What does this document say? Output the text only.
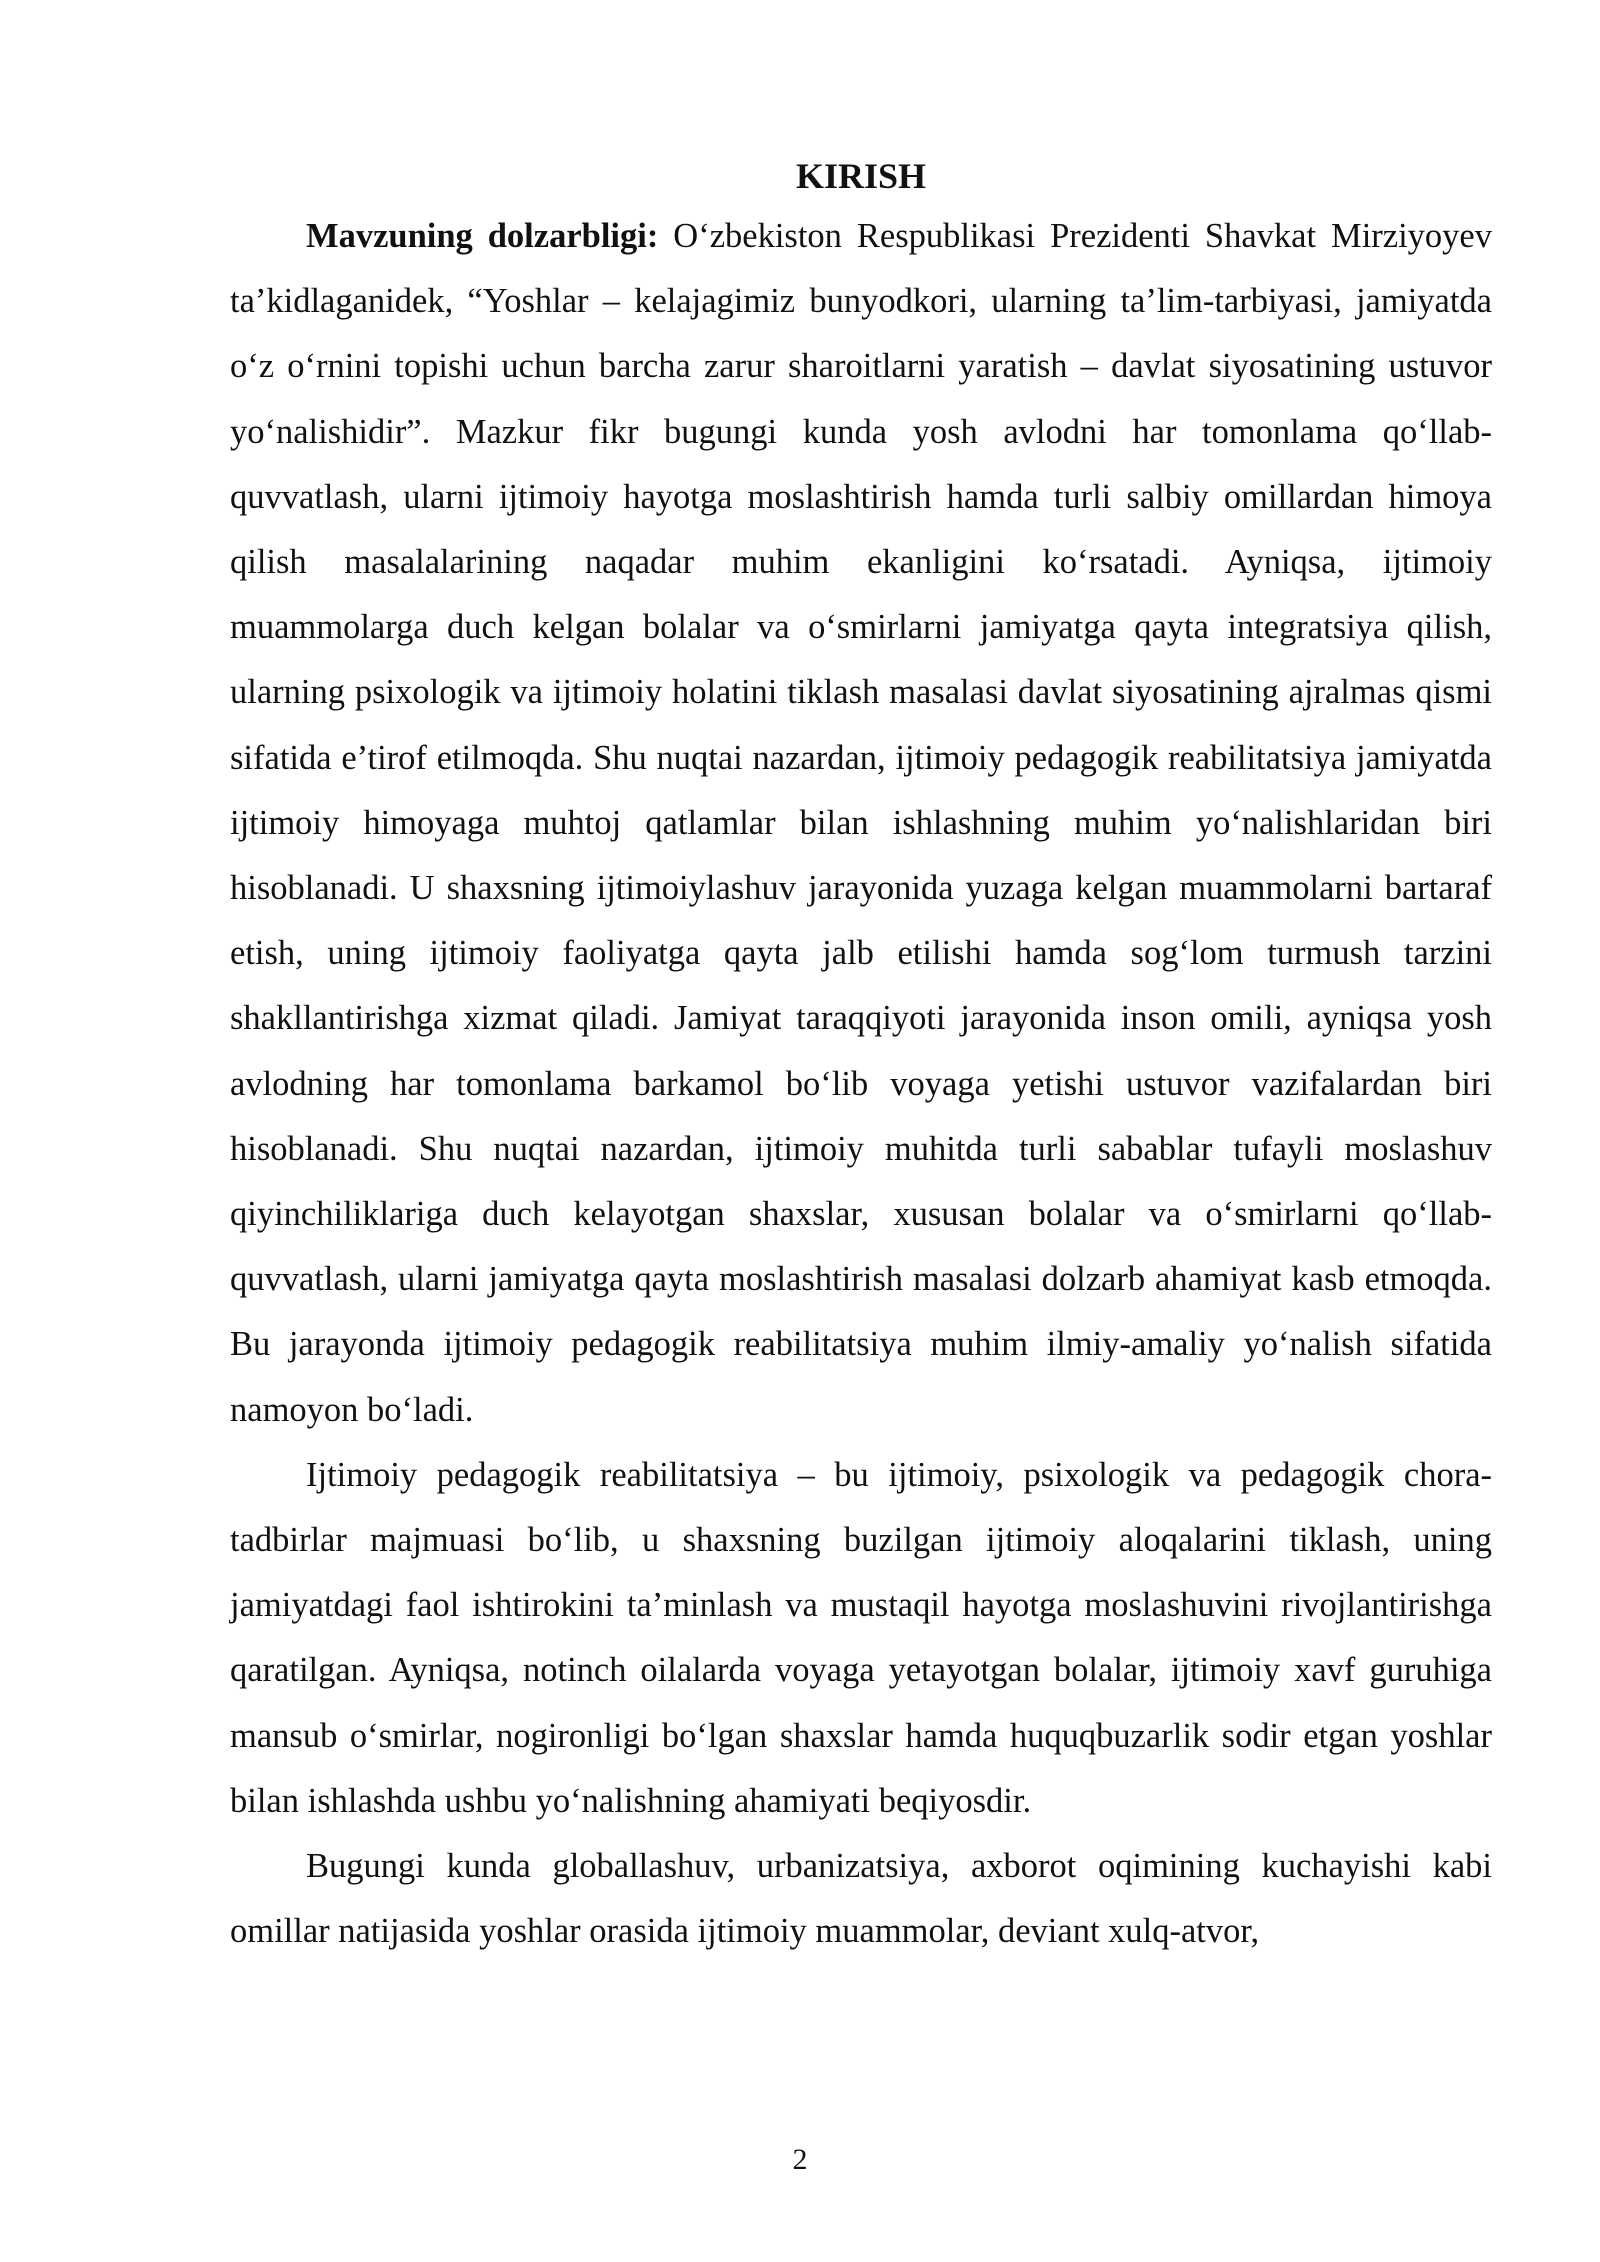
KIRISH

Mavzuning dolzarbligi: O‘zbekiston Respublikasi Prezidenti Shavkat Mirziyoyev ta’kidlaganidek, “Yoshlar – kelajagimiz bunyodkori, ularning ta’lim-tarbiyasi, jamiyatda o‘z o‘rnini topishi uchun barcha zarur sharoitlarni yaratish – davlat siyosatining ustuvor yo‘nalishidir”. Mazkur fikr bugungi kunda yosh avlodni har tomonlama qo‘llab-quvvatlash, ularni ijtimoiy hayotga moslashtirish hamda turli salbiy omillardan himoya qilish masalalarining naqadar muhim ekanligini ko‘rsatadi. Ayniqsa, ijtimoiy muammolarga duch kelgan bolalar va o‘smirlarni jamiyatga qayta integratsiya qilish, ularning psixologik va ijtimoiy holatini tiklash masalasi davlat siyosatining ajralmas qismi sifatida e’tirof etilmoqda. Shu nuqtai nazardan, ijtimoiy pedagogik reabilitatsiya jamiyatda ijtimoiy himoyaga muhtoj qatlamlar bilan ishlashning muhim yo‘nalishlaridan biri hisoblanadi. U shaxsning ijtimoiylashuv jarayonida yuzaga kelgan muammolarni bartaraf etish, uning ijtimoiy faoliyatga qayta jalb etilishi hamda sog‘lom turmush tarzini shakllantirishga xizmat qiladi. Jamiyat taraqqiyoti jarayonida inson omili, ayniqsa yosh avlodning har tomonlama barkamol bo‘lib voyaga yetishi ustuvor vazifalardan biri hisoblanadi. Shu nuqtai nazardan, ijtimoiy muhitda turli sabablar tufayli moslashuv qiyinchiliklariga duch kelayotgan shaxslar, xususan bolalar va o‘smirlarni qo‘llab-quvvatlash, ularni jamiyatga qayta moslashtirish masalasi dolzarb ahamiyat kasb etmoqda. Bu jarayonda ijtimoiy pedagogik reabilitatsiya muhim ilmiy-amaliy yo‘nalish sifatida namoyon bo‘ladi.

Ijtimoiy pedagogik reabilitatsiya – bu ijtimoiy, psixologik va pedagogik chora-tadbirlar majmuasi bo‘lib, u shaxsning buzilgan ijtimoiy aloqalarini tiklash, uning jamiyatdagi faol ishtirokini ta’minlash va mustaqil hayotga moslashuvini rivojlantirishga qaratilgan. Ayniqsa, notinch oilalarda voyaga yetayotgan bolalar, ijtimoiy xavf guruhiga mansub o‘smirlar, nogironligi bo‘lgan shaxslar hamda huquqbuzarlik sodir etgan yoshlar bilan ishlashda ushbu yo‘nalishning ahamiyati beqiyosdir.

Bugungi kunda globallashuv, urbanizatsiya, axborot oqimining kuchayishi kabi omillar natijasida yoshlar orasida ijtimoiy muammolar, deviant xulq-atvor,

2
